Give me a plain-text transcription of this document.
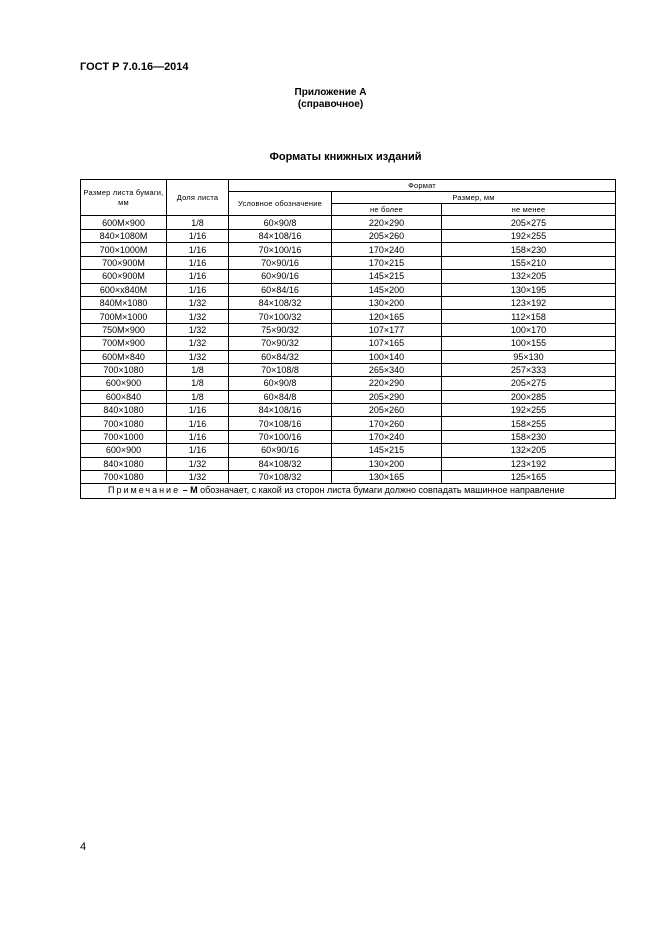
ГОСТ Р 7.0.16—2014
Приложение А
(справочное)
Форматы книжных изданий
Размер листа бумаги, мм	Доля листа	Формат		
		Условное обозначение	Размер, мм	
			не более	не менее
600М×900	1/8	60×90/8	220×290	205×275
840×1080М	1/16	84×108/16	205×260	192×255
700×1000М	1/16	70×100/16	170×240	158×230
700×900М	1/16	70×90/16	170×215	155×210
600×900М	1/16	60×90/16	145×215	132×205
600×х840М	1/16	60×84/16	145×200	130×195
840М×1080	1/32	84×108/32	130×200	123×192
700М×1000	1/32	70×100/32	120×165	112×158
750М×900	1/32	75×90/32	107×177	100×170
700М×900	1/32	70×90/32	107×165	100×155
600М×840	1/32	60×84/32	100×140	95×130
700×1080	1/8	70×108/8	265×340	257×333
600×900	1/8	60×90/8	220×290	205×275
600×840	1/8	60×84/8	205×290	200×285
840×1080	1/16	84×108/16	205×260	192×255
700×1080	1/16	70×108/16	170×260	158×255
700×1000	1/16	70×100/16	170×240	158×230
600×900	1/16	60×90/16	145×215	132×205
840×1080	1/32	84×108/32	130×200	123×192
700×1080	1/32	70×108/32	130×165	125×165
Примечание – М обозначает, с какой из сторон листа бумаги должно совпадать машинное направление				
4
